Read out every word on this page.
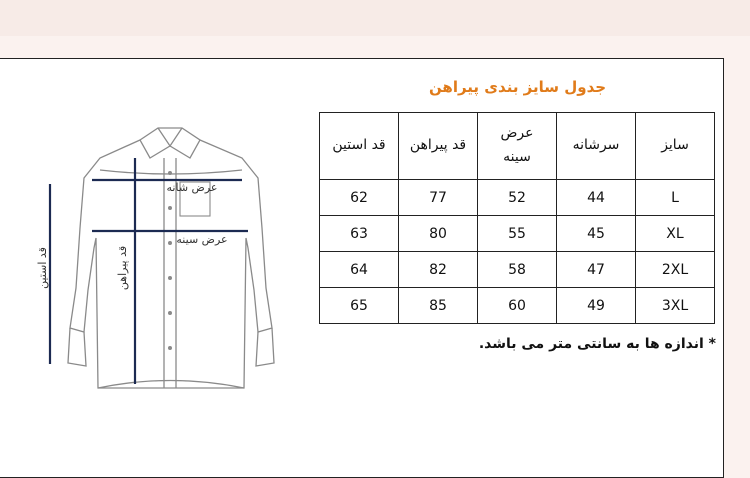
جدول سایز بندی پیراهن
سایز	سرشانه	عرض سینه	قد پیراهن	قد استین
L	44	52	77	62
XL	45	55	80	63
2XL	47	58	82	64
3XL	49	60	85	65
* اندازه ها به سانتی متر می باشد.
عرض شانه
عرض سینه
قد پیراهن
قد استین
